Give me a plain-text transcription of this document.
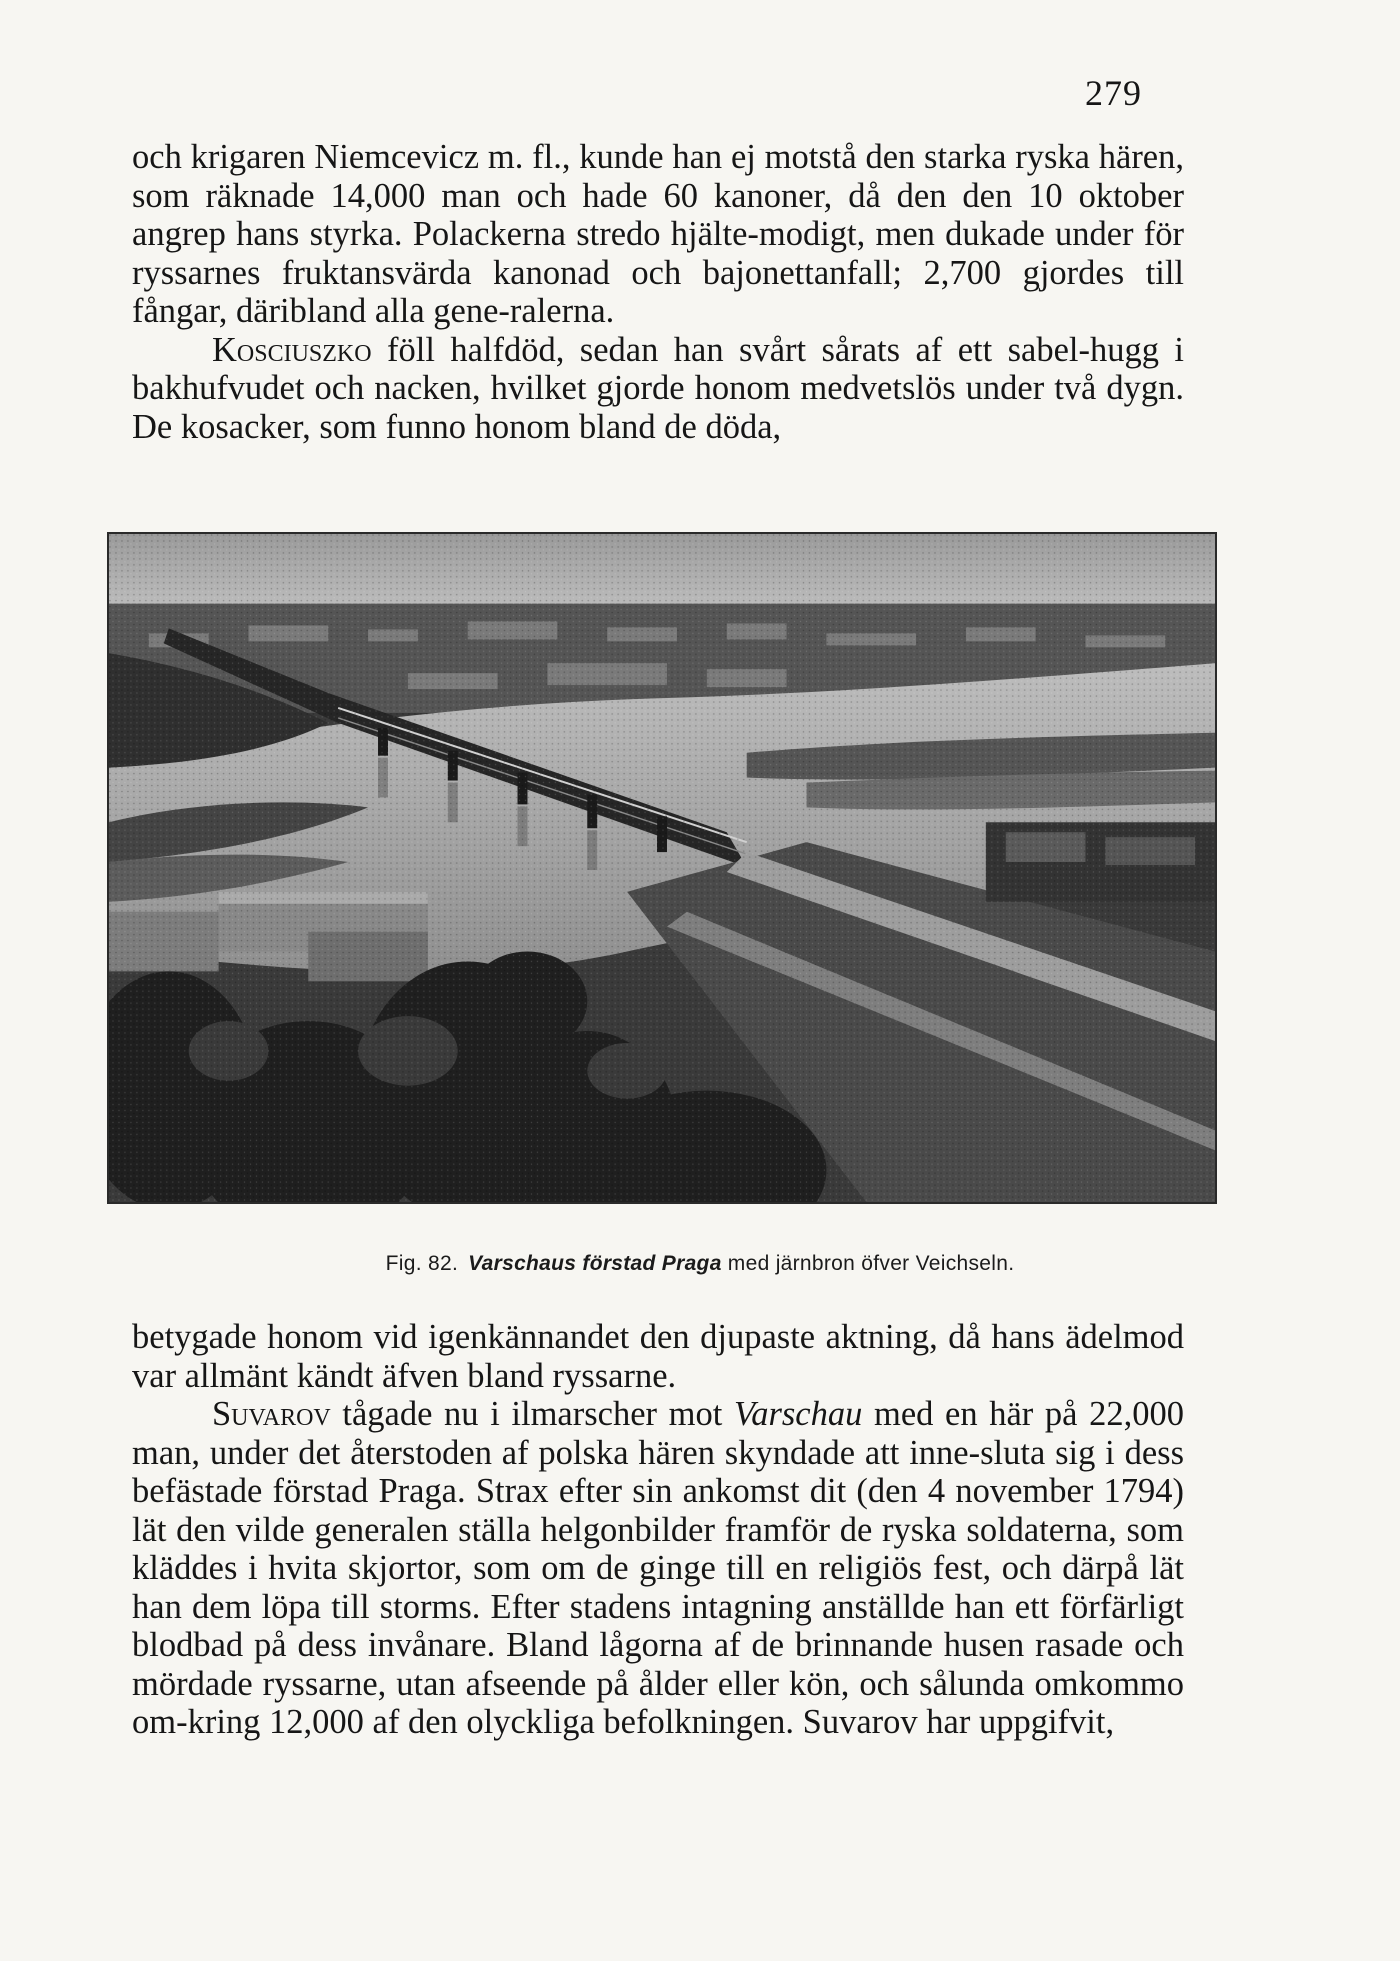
279

och krigaren Niemcevicz m. fl., kunde han ej motstå den starka ryska hären, som räknade 14,000 man och hade 60 kanoner, då den den 10 oktober angrep hans styrka. Polackerna stredo hjälte-modigt, men dukade under för ryssarnes fruktansvärda kanonad och bajonettanfall; 2,700 gjordes till fångar, däribland alla gene-ralerna.

Kosciuszko föll halfdöd, sedan han svårt sårats af ett sabel-hugg i bakhufvudet och nacken, hvilket gjorde honom medvetslös under två dygn. De kosacker, som funno honom bland de döda,

Fig. 82. Varschaus förstad Praga med järnbron öfver Veichseln.

betygade honom vid igenkännandet den djupaste aktning, då hans ädelmod var allmänt kändt äfven bland ryssarne.

Suvarov tågade nu i ilmarscher mot Varschau med en här på 22,000 man, under det återstoden af polska hären skyndade att inne-sluta sig i dess befästade förstad Praga. Strax efter sin ankomst dit (den 4 november 1794) lät den vilde generalen ställa helgonbilder framför de ryska soldaterna, som kläddes i hvita skjortor, som om de ginge till en religiös fest, och därpå lät han dem löpa till storms. Efter stadens intagning anställde han ett förfärligt blodbad på dess invånare. Bland lågorna af de brinnande husen rasade och mördade ryssarne, utan afseende på ålder eller kön, och sålunda omkommo om-kring 12,000 af den olyckliga befolkningen. Suvarov har uppgifvit,
